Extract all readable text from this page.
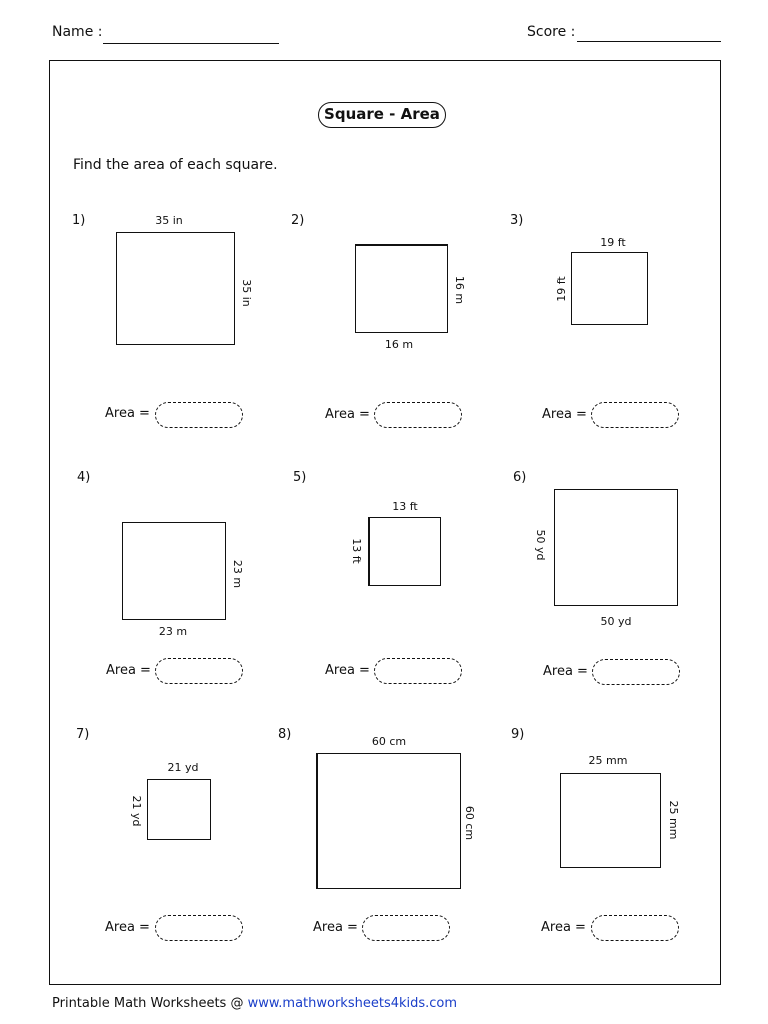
Name :	Score :
Square - Area
Find the area of each square.
1)	35 in
35 in
Area =
2)
16 m
16 m
Area =
3)
19 ft
19 ft
Area =
4)
23 m
23 m
Area =
5)
13 ft
13 ft
Area =
6)
50 yd
50 yd
Area =
7)
21 yd
21 yd
Area =
8)	60 cm
60 cm
Area =
9)
25 mm
25 mm
Area =
Printable Math Worksheets @ www.mathworksheets4kids.com
